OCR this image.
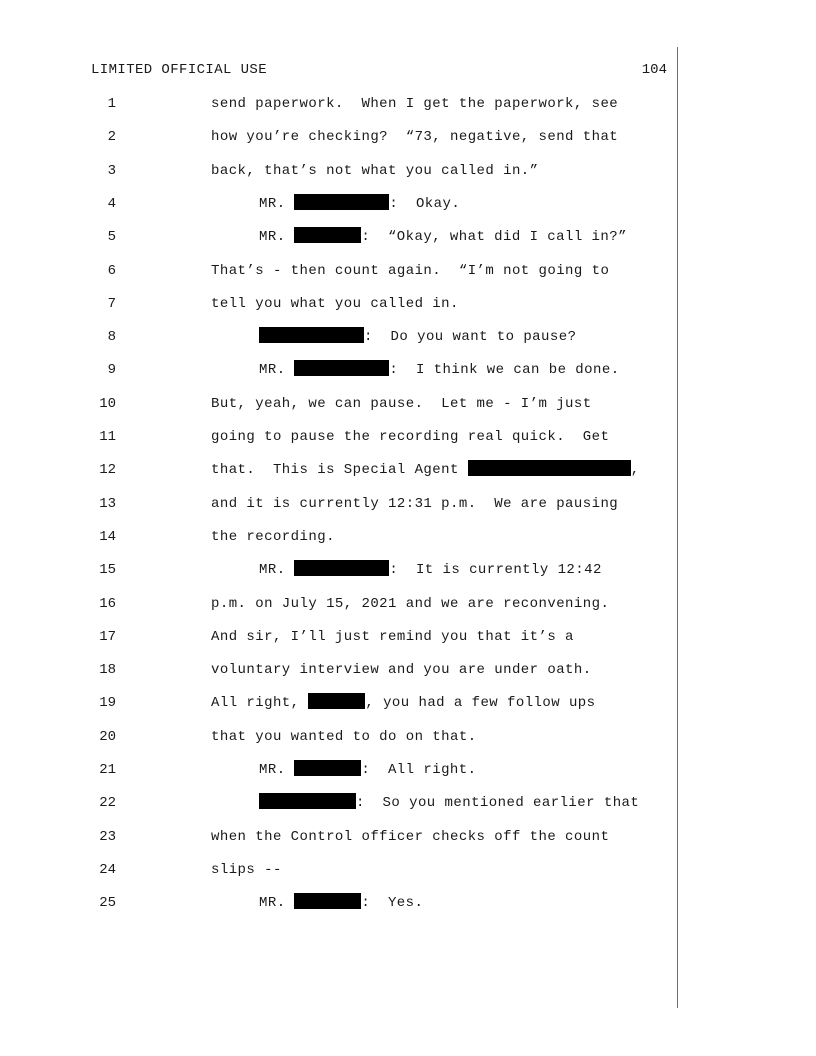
LIMITED OFFICIAL USE	104
1	send paperwork.  When I get the paperwork, see
2	how you’re checking?  “73, negative, send that
3	back, that’s not what you called in.”
4	MR.	:  Okay.
5	MR.	:  “Okay, what did I call in?”
6	That’s - then count again.  “I’m not going to
7	tell you what you called in.
8	:  Do you want to pause?
9	MR.	:  I think we can be done.
10	But, yeah, we can pause.  Let me - I’m just
11	going to pause the recording real quick.  Get
12	that.  This is Special Agent	,
13	and it is currently 12:31 p.m.  We are pausing
14	the recording.
15	MR.	:  It is currently 12:42
16	p.m. on July 15, 2021 and we are reconvening.
17	And sir, I’ll just remind you that it’s a
18	voluntary interview and you are under oath.
19	All right,	, you had a few follow ups
20	that you wanted to do on that.
21	MR.	:  All right.
22	:  So you mentioned earlier that
23	when the Control officer checks off the count
24	slips --
25	MR.	:  Yes.
